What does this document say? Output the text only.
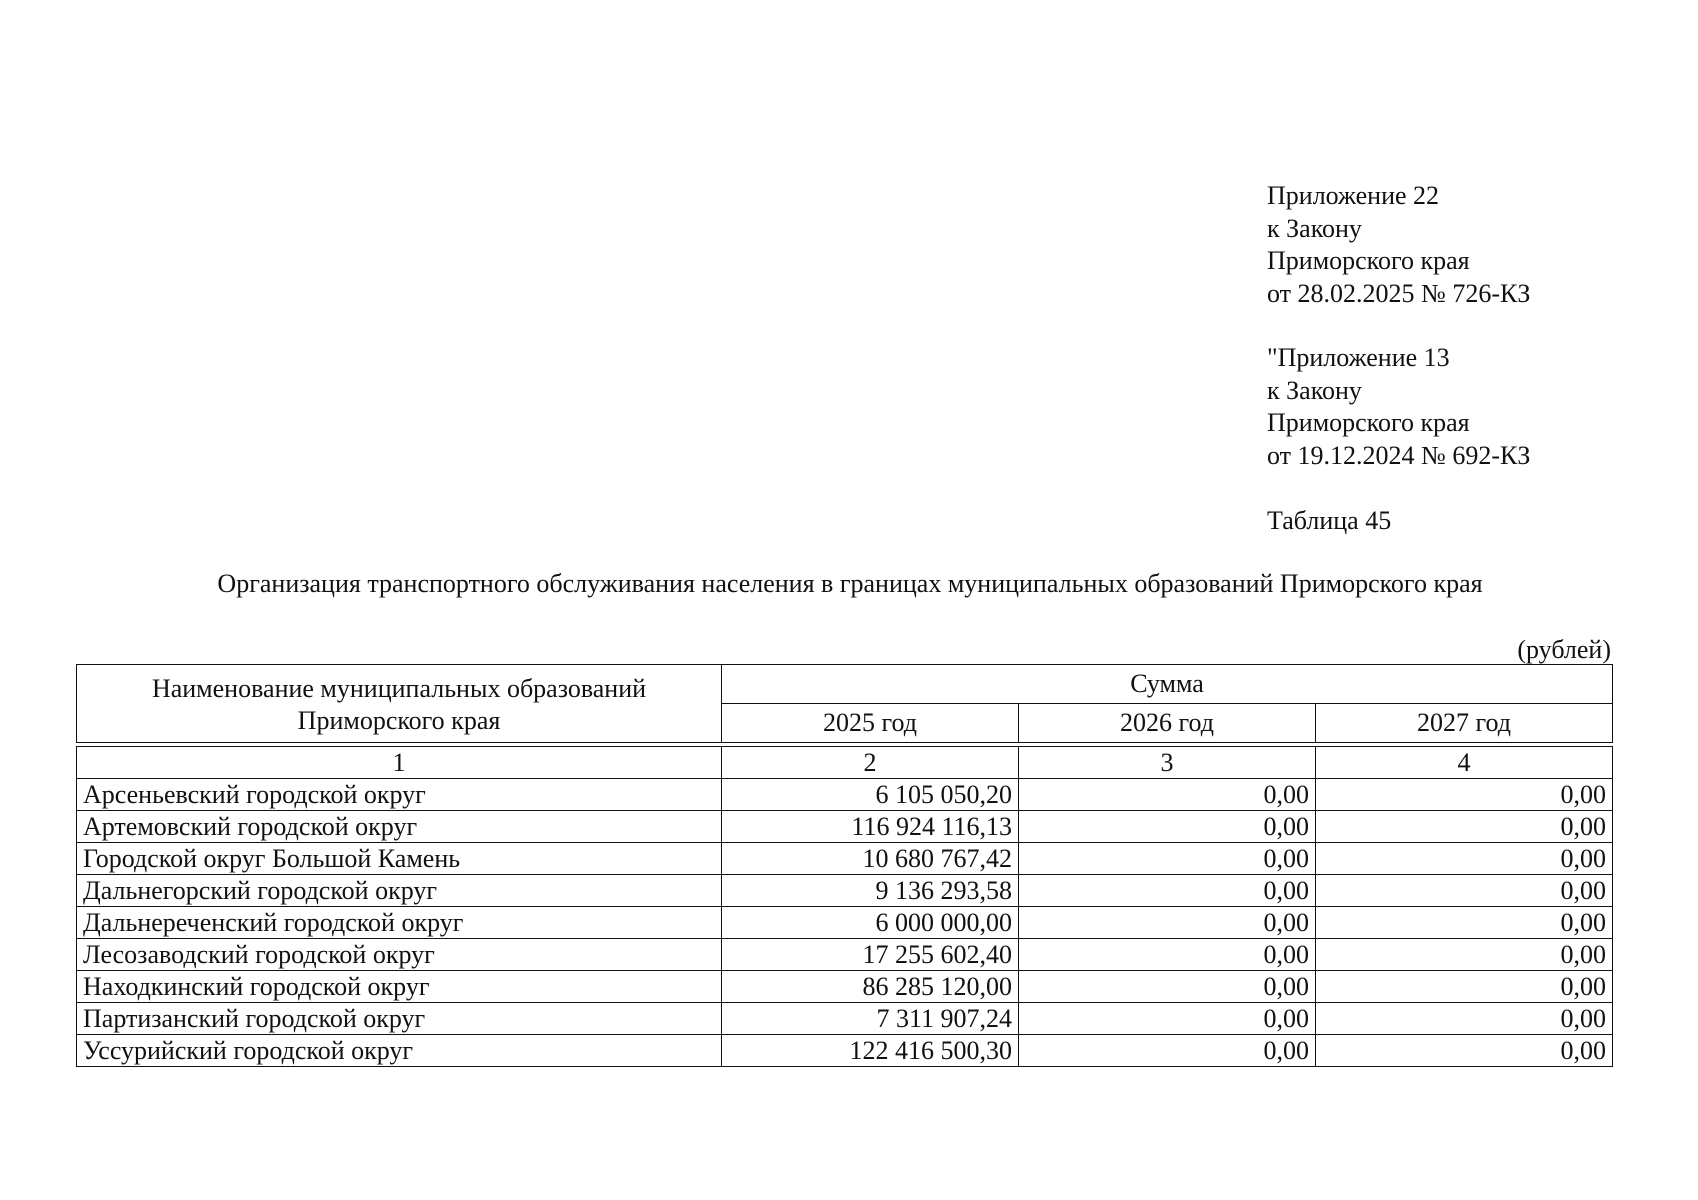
Приложение 22
к Закону
Приморского края
от 28.02.2025 № 726-КЗ
"Приложение 13
к Закону
Приморского края
от 19.12.2024 № 692-КЗ
Таблица 45
Организация транспортного обслуживания населения в границах муниципальных образований Приморского края
(рублей)
Наименование муниципальных образований Приморского края	Сумма		
	2025 год	2026 год	2027 год

1	2	3	4
Арсеньевский городской округ	6 105 050,20	0,00	0,00
Артемовский городской округ	116 924 116,13	0,00	0,00
Городской округ Большой Камень	10 680 767,42	0,00	0,00
Дальнегорский городской округ	9 136 293,58	0,00	0,00
Дальнереченский городской округ	6 000 000,00	0,00	0,00
Лесозаводский городской округ	17 255 602,40	0,00	0,00
Находкинский городской округ	86 285 120,00	0,00	0,00
Партизанский городской округ	7 311 907,24	0,00	0,00
Уссурийский городской округ	122 416 500,30	0,00	0,00
